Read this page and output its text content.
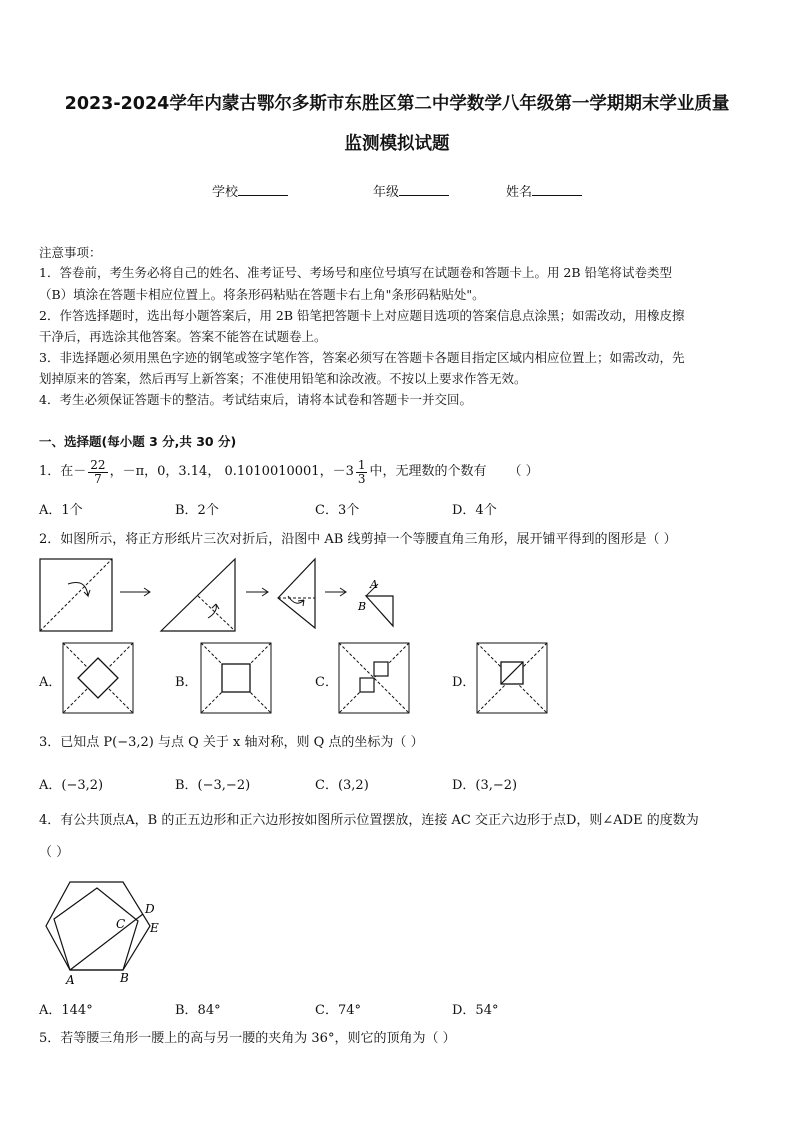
2023-2024学年内蒙古鄂尔多斯市东胜区第二中学数学八年级第一学期期末学业质量
监测模拟试题
学校	年级	姓名
注意事项：
1．答卷前，考生务必将自己的姓名、准考证号、考场号和座位号填写在试题卷和答题卡上。用 2B 铅笔将试卷类型
（B）填涂在答题卡相应位置上。将条形码粘贴在答题卡右上角"条形码粘贴处"。
2．作答选择题时，选出每小题答案后，用 2B 铅笔把答题卡上对应题目选项的答案信息点涂黑；如需改动，用橡皮擦
干净后，再选涂其他答案。答案不能答在试题卷上。
3．非选择题必须用黑色字迹的钢笔或签字笔作答，答案必须写在答题卡各题目指定区域内相应位置上；如需改动，先
划掉原来的答案，然后再写上新答案；不准使用铅笔和涂改液。不按以上要求作答无效。
4．考生必须保证答题卡的整洁。考试结束后，请将本试卷和答题卡一并交回。
一、选择题(每小题 3 分,共 30 分)
1．在－ $\frac{22}{7}$ ，－π，0，3.14， 0.1010010001，$-3 \frac{1}{3}$ 中，无理数的个数有 （ ）
A．1个	B．2个	C．3个	D．4个
2．如图所示，将正方形纸片三次对折后，沿图中 AB 线剪掉一个等腰直角三角形，展开铺平得到的图形是（ ）
A
B
A．	B．	C．	D．
3．已知点 P(−3,2) 与点 Q 关于 x 轴对称，则 Q 点的坐标为（ ）
A．(−3,2)	B．(−3,−2)	C．(3,2)	D．(3,−2)
4．有公共顶点A，B 的正五边形和正六边形按如图所示位置摆放，连接 AC 交正六边形于点D，则∠ADE 的度数为
（ ）
A	B
C
D
E
A．144°	B．84°	C．74°	D．54°
5．若等腰三角形一腰上的高与另一腰的夹角为 36°，则它的顶角为（ ）
